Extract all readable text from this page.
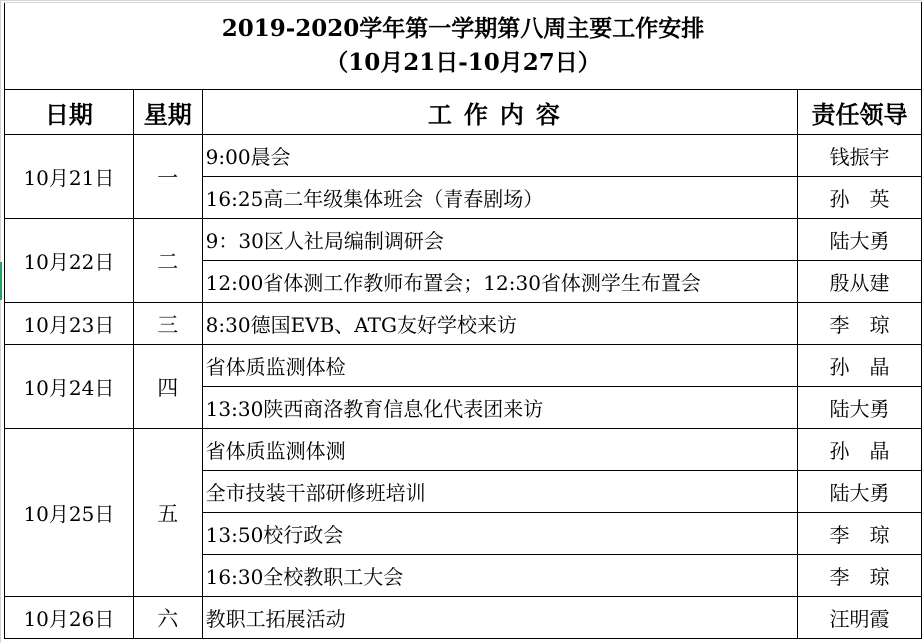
2019-2020学年第一学期第八周主要工作安排
（10月21日-10月27日）			

日期	星期	工作内容	责任领导
10月21日	一	9:00晨会	钱振宇
		16:25高二年级集体班会（青春剧场）	孙　英
10月22日	二	9：30区人社局编制调研会	陆大勇
		12:00省体测工作教师布置会；12:30省体测学生布置会	殷从建
10月23日	三	8:30德国EVB、ATG友好学校来访	李　琼
10月24日	四	省体质监测体检	孙　晶
		13:30陕西商洛教育信息化代表团来访	陆大勇
10月25日	五	省体质监测体测	孙　晶
		全市技装干部研修班培训	陆大勇
		13:50校行政会	李　琼
		16:30全校教职工大会	李　琼
10月26日	六	教职工拓展活动	汪明霞
